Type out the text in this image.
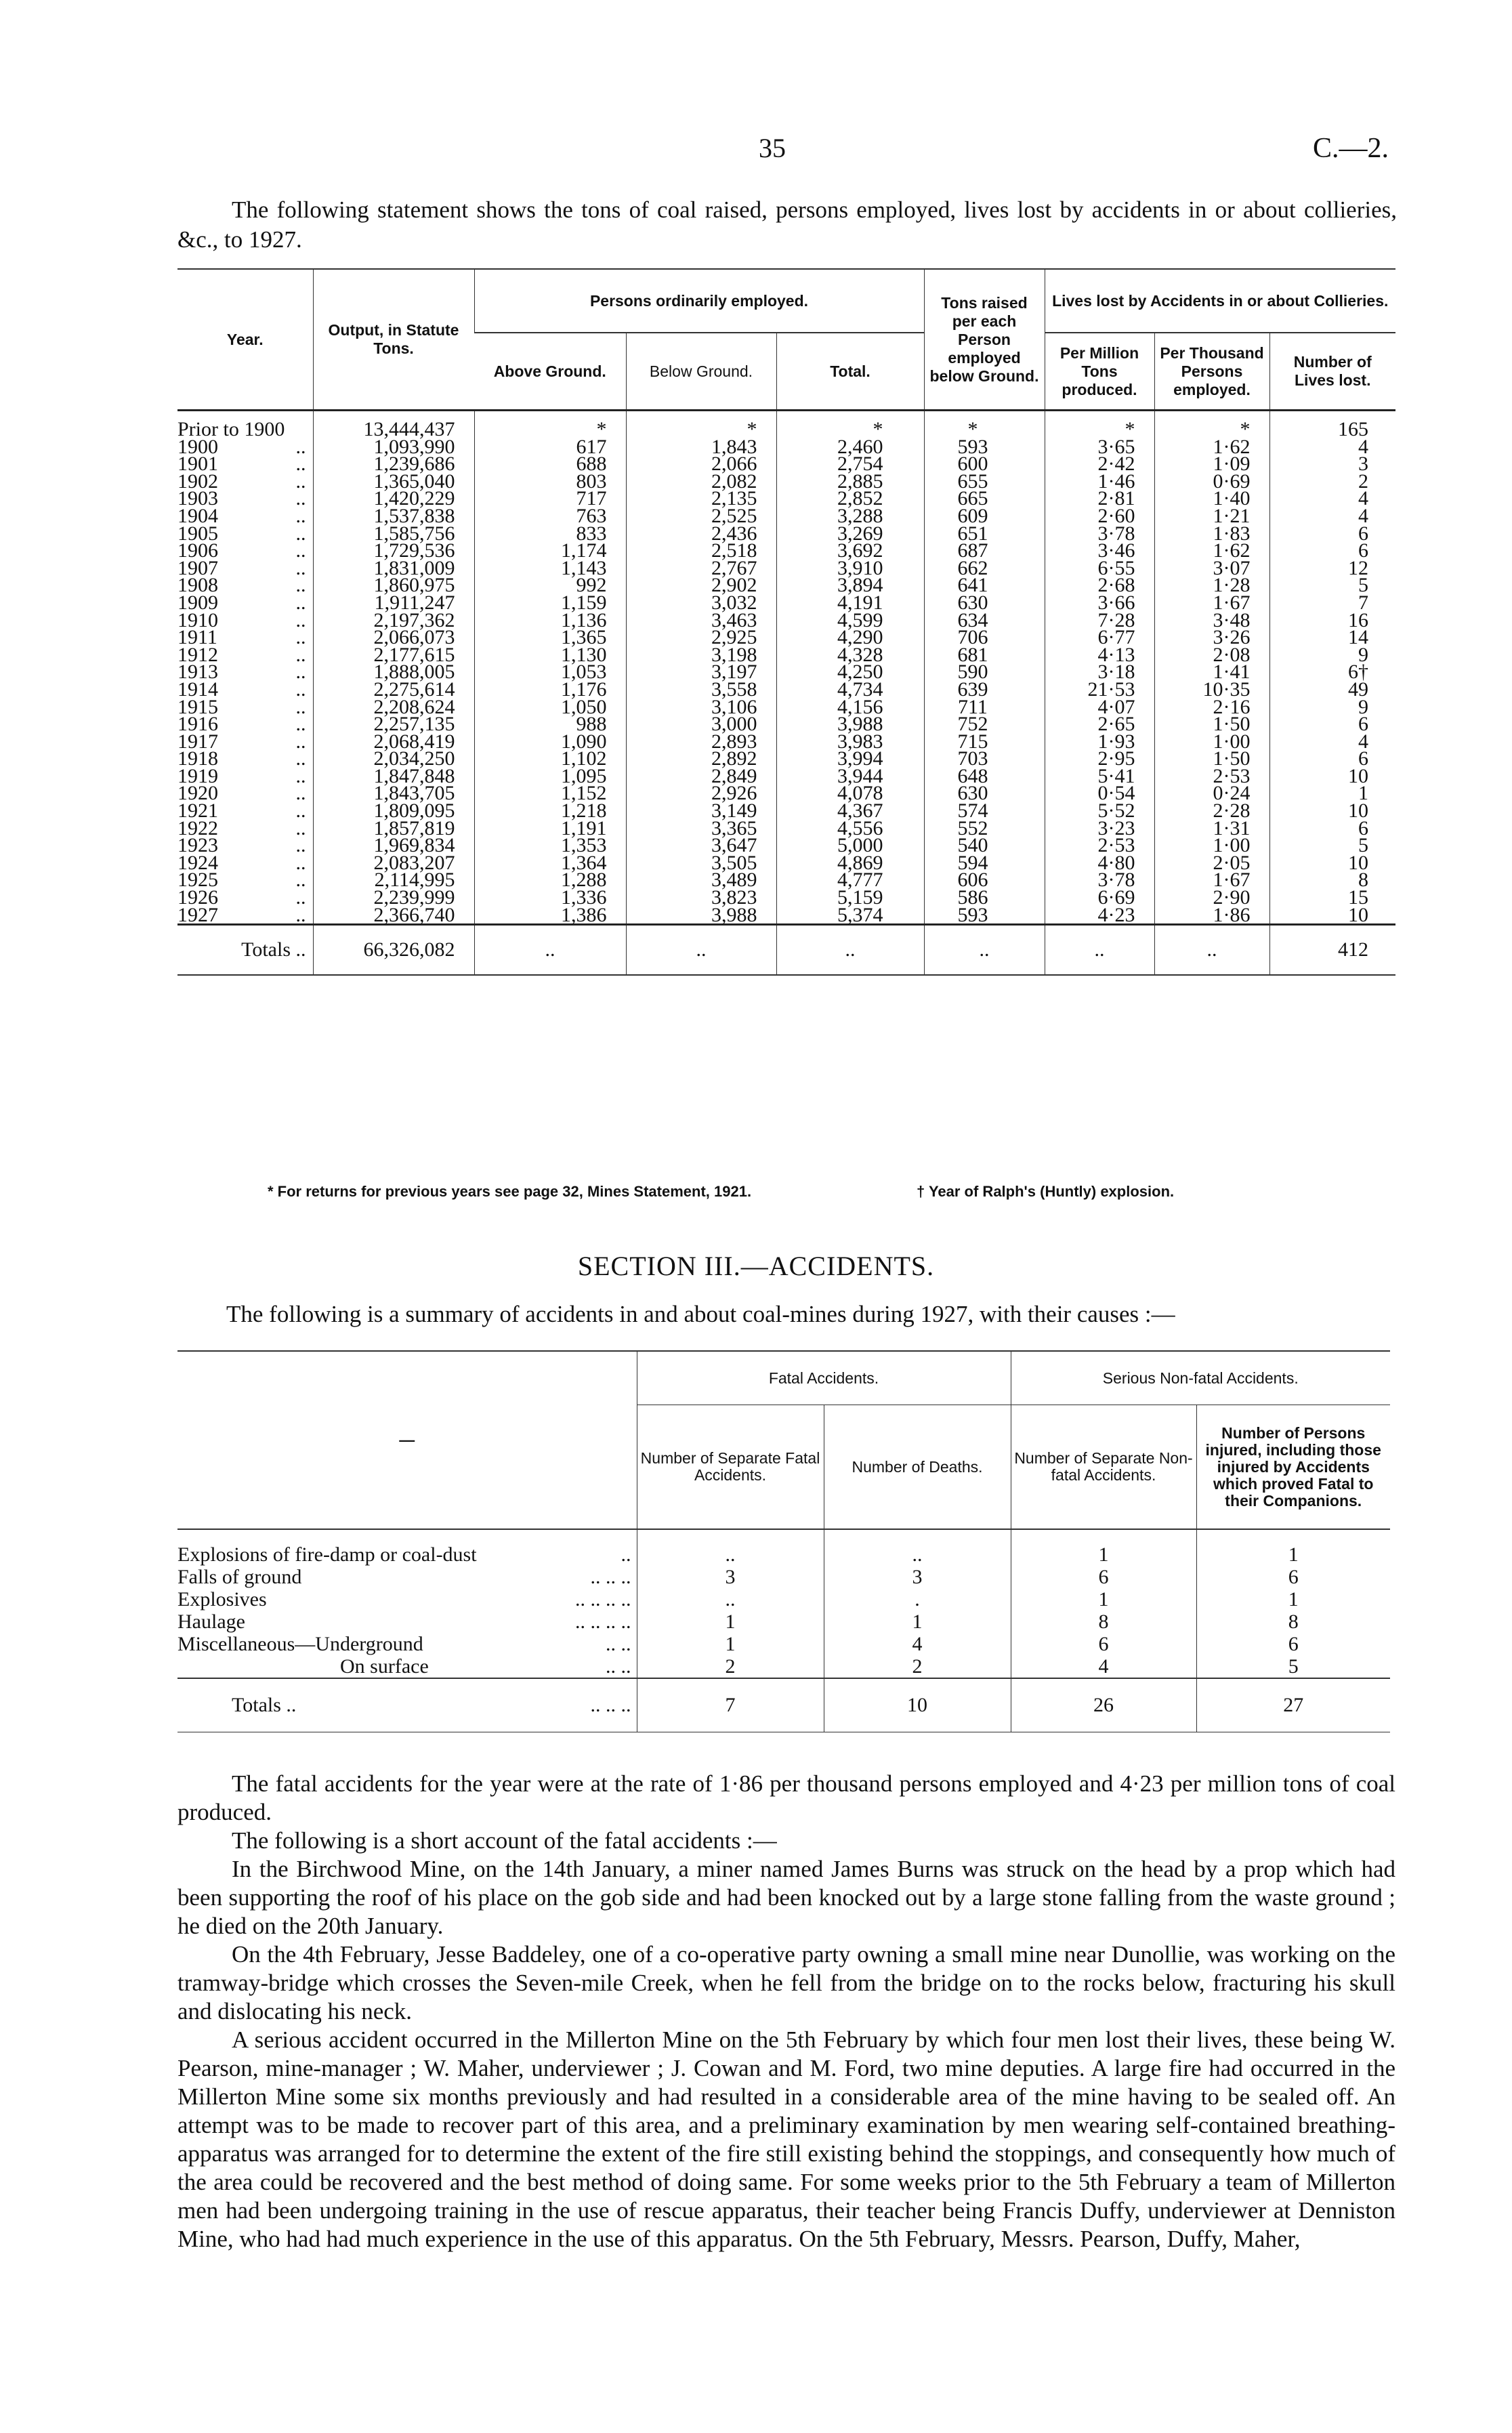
35	C.—2.

The following statement shows the tons of coal raised, persons employed, lives lost by accidents in or about collieries, &c., to 1927.

Year.	Output, in Statute Tons.	Persons ordinarily employed.			Tons raised per each Person employed below Ground.	Lives lost by Accidents in or about Collieries.		
		Above Ground.	Below Ground.	Total.		Per Million Tons produced.	Per Thousand Persons employed.	Number of Lives lost.
Prior to 1900	13,444,437	*	*	*	*	*	*	165
1900 ..	1,093,990	617	1,843	2,460	593	3·65	1·62	4
1901 ..	1,239,686	688	2,066	2,754	600	2·42	1·09	3
1902 ..	1,365,040	803	2,082	2,885	655	1·46	0·69	2
1903 ..	1,420,229	717	2,135	2,852	665	2·81	1·40	4
1904 ..	1,537,838	763	2,525	3,288	609	2·60	1·21	4
1905 ..	1,585,756	833	2,436	3,269	651	3·78	1·83	6
1906 ..	1,729,536	1,174	2,518	3,692	687	3·46	1·62	6
1907 ..	1,831,009	1,143	2,767	3,910	662	6·55	3·07	12
1908 ..	1,860,975	992	2,902	3,894	641	2·68	1·28	5
1909 ..	1,911,247	1,159	3,032	4,191	630	3·66	1·67	7
1910 ..	2,197,362	1,136	3,463	4,599	634	7·28	3·48	16
1911 ..	2,066,073	1,365	2,925	4,290	706	6·77	3·26	14
1912 ..	2,177,615	1,130	3,198	4,328	681	4·13	2·08	9
1913 ..	1,888,005	1,053	3,197	4,250	590	3·18	1·41	6†
1914 ..	2,275,614	1,176	3,558	4,734	639	21·53	10·35	49
1915 ..	2,208,624	1,050	3,106	4,156	711	4·07	2·16	9
1916 ..	2,257,135	988	3,000	3,988	752	2·65	1·50	6
1917 ..	2,068,419	1,090	2,893	3,983	715	1·93	1·00	4
1918 ..	2,034,250	1,102	2,892	3,994	703	2·95	1·50	6
1919 ..	1,847,848	1,095	2,849	3,944	648	5·41	2·53	10
1920 ..	1,843,705	1,152	2,926	4,078	630	0·54	0·24	1
1921 ..	1,809,095	1,218	3,149	4,367	574	5·52	2·28	10
1922 ..	1,857,819	1,191	3,365	4,556	552	3·23	1·31	6
1923 ..	1,969,834	1,353	3,647	5,000	540	2·53	1·00	5
1924 ..	2,083,207	1,364	3,505	4,869	594	4·80	2·05	10
1925 ..	2,114,995	1,288	3,489	4,777	606	3·78	1·67	8
1926 ..	2,239,999	1,336	3,823	5,159	586	6·69	2·90	15
1927 ..	2,366,740	1,386	3,988	5,374	593	4·23	1·86	10
Totals ..	66,326,082	..	..	..	..	..	..	412
* For returns for previous years see page 32, Mines Statement, 1921.	† Year of Ralph's (Huntly) explosion.
SECTION III.—ACCIDENTS.

The following is a summary of accidents in and about coal-mines during 1927, with their causes :—

—	Fatal Accidents.		Serious Non-fatal Accidents.	
	Number of Separate Fatal Accidents.	Number of Deaths.	Number of Separate Non-fatal Accidents.	Number of Persons injured, including those injured by Accidents which proved Fatal to their Companions.
Explosions of fire-damp or coal-dust ..	..	..	1	1
Falls of ground .. .. ..	3	3	6	6
Explosives .. .. .. ..	..	.	1	1
Haulage .. .. .. ..	1	1	8	8
Miscellaneous—Underground .. ..	1	4	6	6
On surface .. ..	2	2	4	5
Totals .. .. .. ..	7	10	26	27

The fatal accidents for the year were at the rate of 1·86 per thousand persons employed and 4·23 per million tons of coal produced.

The following is a short account of the fatal accidents :—

In the Birchwood Mine, on the 14th January, a miner named James Burns was struck on the head by a prop which had been supporting the roof of his place on the gob side and had been knocked out by a large stone falling from the waste ground ; he died on the 20th January.

On the 4th February, Jesse Baddeley, one of a co-operative party owning a small mine near Dunollie, was working on the tramway-bridge which crosses the Seven-mile Creek, when he fell from the bridge on to the rocks below, fracturing his skull and dislocating his neck.

A serious accident occurred in the Millerton Mine on the 5th February by which four men lost their lives, these being W. Pearson, mine-manager ; W. Maher, underviewer ; J. Cowan and M. Ford, two mine deputies. A large fire had occurred in the Millerton Mine some six months previously and had resulted in a considerable area of the mine having to be sealed off. An attempt was to be made to recover part of this area, and a preliminary examination by men wearing self-contained breathing-apparatus was arranged for to determine the extent of the fire still existing behind the stoppings, and consequently how much of the area could be recovered and the best method of doing same. For some weeks prior to the 5th February a team of Millerton men had been undergoing training in the use of rescue apparatus, their teacher being Francis Duffy, underviewer at Denniston Mine, who had had much experience in the use of this apparatus. On the 5th February, Messrs. Pearson, Duffy, Maher,
